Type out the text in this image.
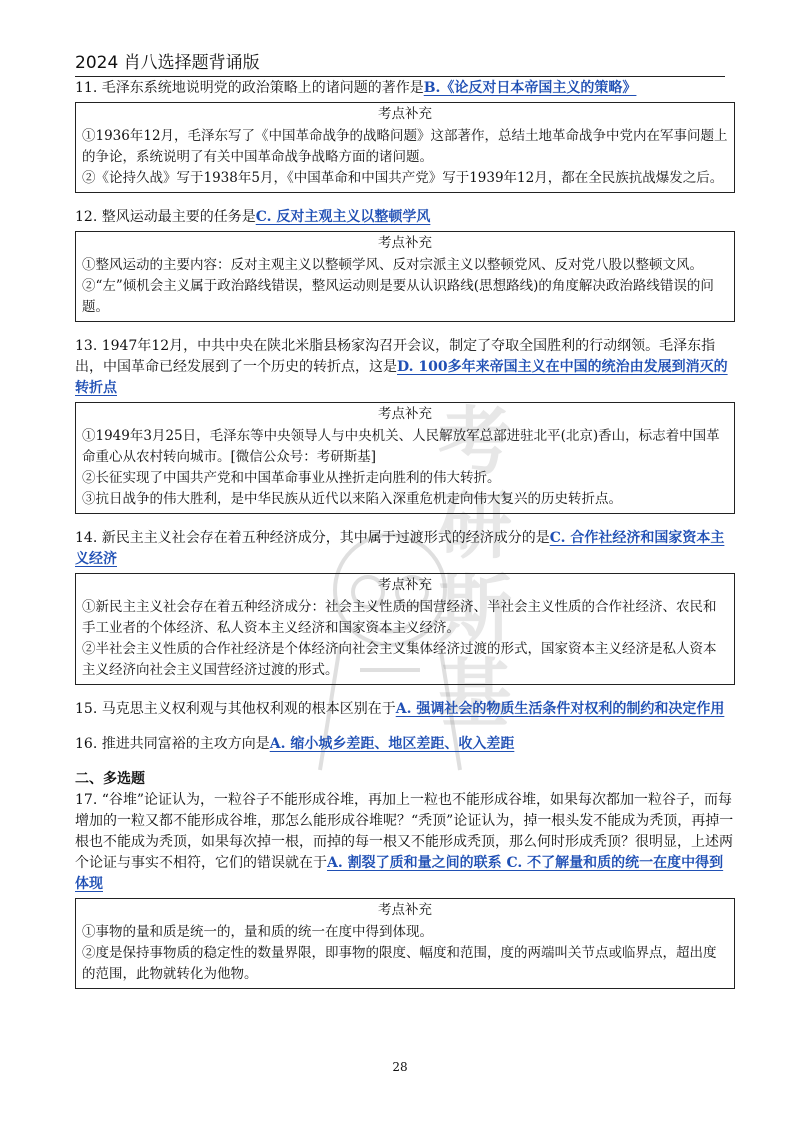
2024 肖八选择题背诵版
考研斯基

11. 毛泽东系统地说明党的政治策略上的诸问题的著作是B.《论反对日本帝国主义的策略》

考点补充

①1936年12月，毛泽东写了《中国革命战争的战略问题》这部著作，总结土地革命战争中党内在军事问题上的争论，系统说明了有关中国革命战争战略方面的诸问题。

②《论持久战》写于1938年5月，《中国革命和中国共产党》写于1939年12月，都在全民族抗战爆发之后。

12. 整风运动最主要的任务是C. 反对主观主义以整顿学风

考点补充

①整风运动的主要内容：反对主观主义以整顿学风、反对宗派主义以整顿党风、反对党八股以整顿文风。

②“左”倾机会主义属于政治路线错误，整风运动则是要从认识路线(思想路线)的角度解决政治路线错误的问题。

13. 1947年12月，中共中央在陕北米脂县杨家沟召开会议，制定了夺取全国胜利的行动纲领。毛泽东指出，中国革命已经发展到了一个历史的转折点，这是D. 100多年来帝国主义在中国的统治由发展到消灭的转折点

考点补充

①1949年3月25日，毛泽东等中央领导人与中央机关、人民解放军总部进驻北平(北京)香山，标志着中国革命重心从农村转向城市。[微信公众号：考研斯基]

②长征实现了中国共产党和中国革命事业从挫折走向胜利的伟大转折。

③抗日战争的伟大胜利，是中华民族从近代以来陷入深重危机走向伟大复兴的历史转折点。

14. 新民主主义社会存在着五种经济成分，其中属于过渡形式的经济成分的是C. 合作社经济和国家资本主义经济

考点补充

①新民主主义社会存在着五种经济成分：社会主义性质的国营经济、半社会主义性质的合作社经济、农民和手工业者的个体经济、私人资本主义经济和国家资本主义经济。

②半社会主义性质的合作社经济是个体经济向社会主义集体经济过渡的形式，国家资本主义经济是私人资本主义经济向社会主义国营经济过渡的形式。

15. 马克思主义权利观与其他权利观的根本区别在于A. 强调社会的物质生活条件对权利的制约和决定作用

16. 推进共同富裕的主攻方向是A. 缩小城乡差距、地区差距、收入差距

二、多选题

17. “谷堆”论证认为，一粒谷子不能形成谷堆，再加上一粒也不能形成谷堆，如果每次都加一粒谷子，而每增加的一粒又都不能形成谷堆，那怎么能形成谷堆呢？“秃顶”论证认为，掉一根头发不能成为秃顶，再掉一根也不能成为秃顶，如果每次掉一根，而掉的每一根又不能形成秃顶，那么何时形成秃顶？很明显，上述两个论证与事实不相符，它们的错误就在于A. 割裂了质和量之间的联系 C. 不了解量和质的统一在度中得到体现

考点补充

①事物的量和质是统一的，量和质的统一在度中得到体现。

②度是保持事物质的稳定性的数量界限，即事物的限度、幅度和范围，度的两端叫关节点或临界点，超出度的范围，此物就转化为他物。

28
